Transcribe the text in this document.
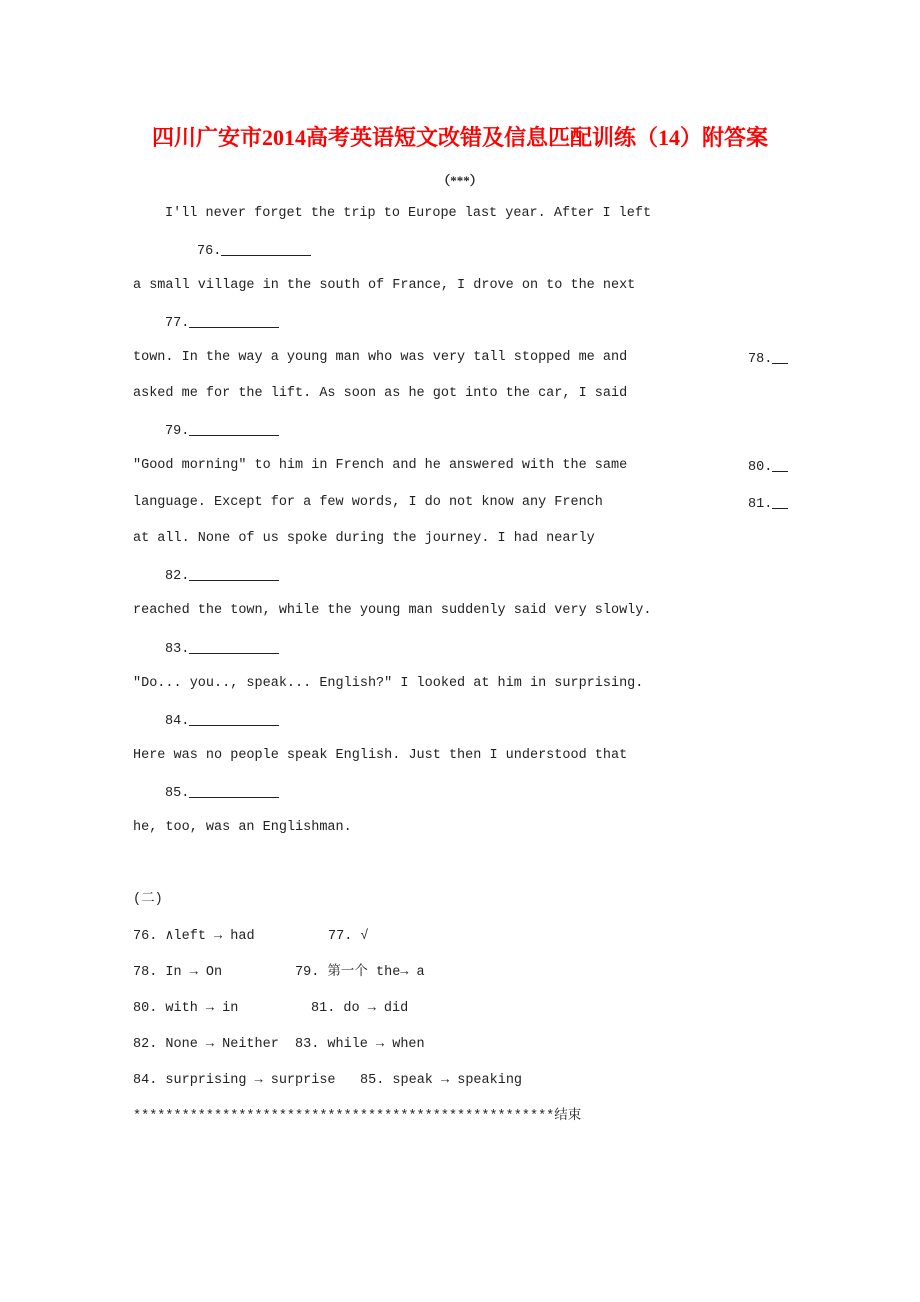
四川广安市2014高考英语短文改错及信息匹配训练（14）附答案
（***）
I'll never forget the trip to Europe last year. After I left
76.
a small village in the south of France, I drove on to the next
77.
town. In the way a young man who was very tall stopped me and	78.
asked me for the lift. As soon as he got into the car, I said
79.
"Good morning" to him in French and he answered with the same	80.
language. Except for a few words, I do not know any French	81.
at all. None of us spoke during the journey. I had nearly
82.
reached the town, while the young man suddenly said very slowly.
83.
"Do... you.., speak... English?" I looked at him in surprising.
84.
Here was no people speak English. Just then I understood that
85.
he, too, was an Englishman.
(二)
76. ∧left → had	77. √
78. In → On	79. 第一个 the→ a
80. with → in	81. do → did
82. None → Neither 83. while → when
84. surprising → surprise 85. speak → speaking
****************************************************结束
